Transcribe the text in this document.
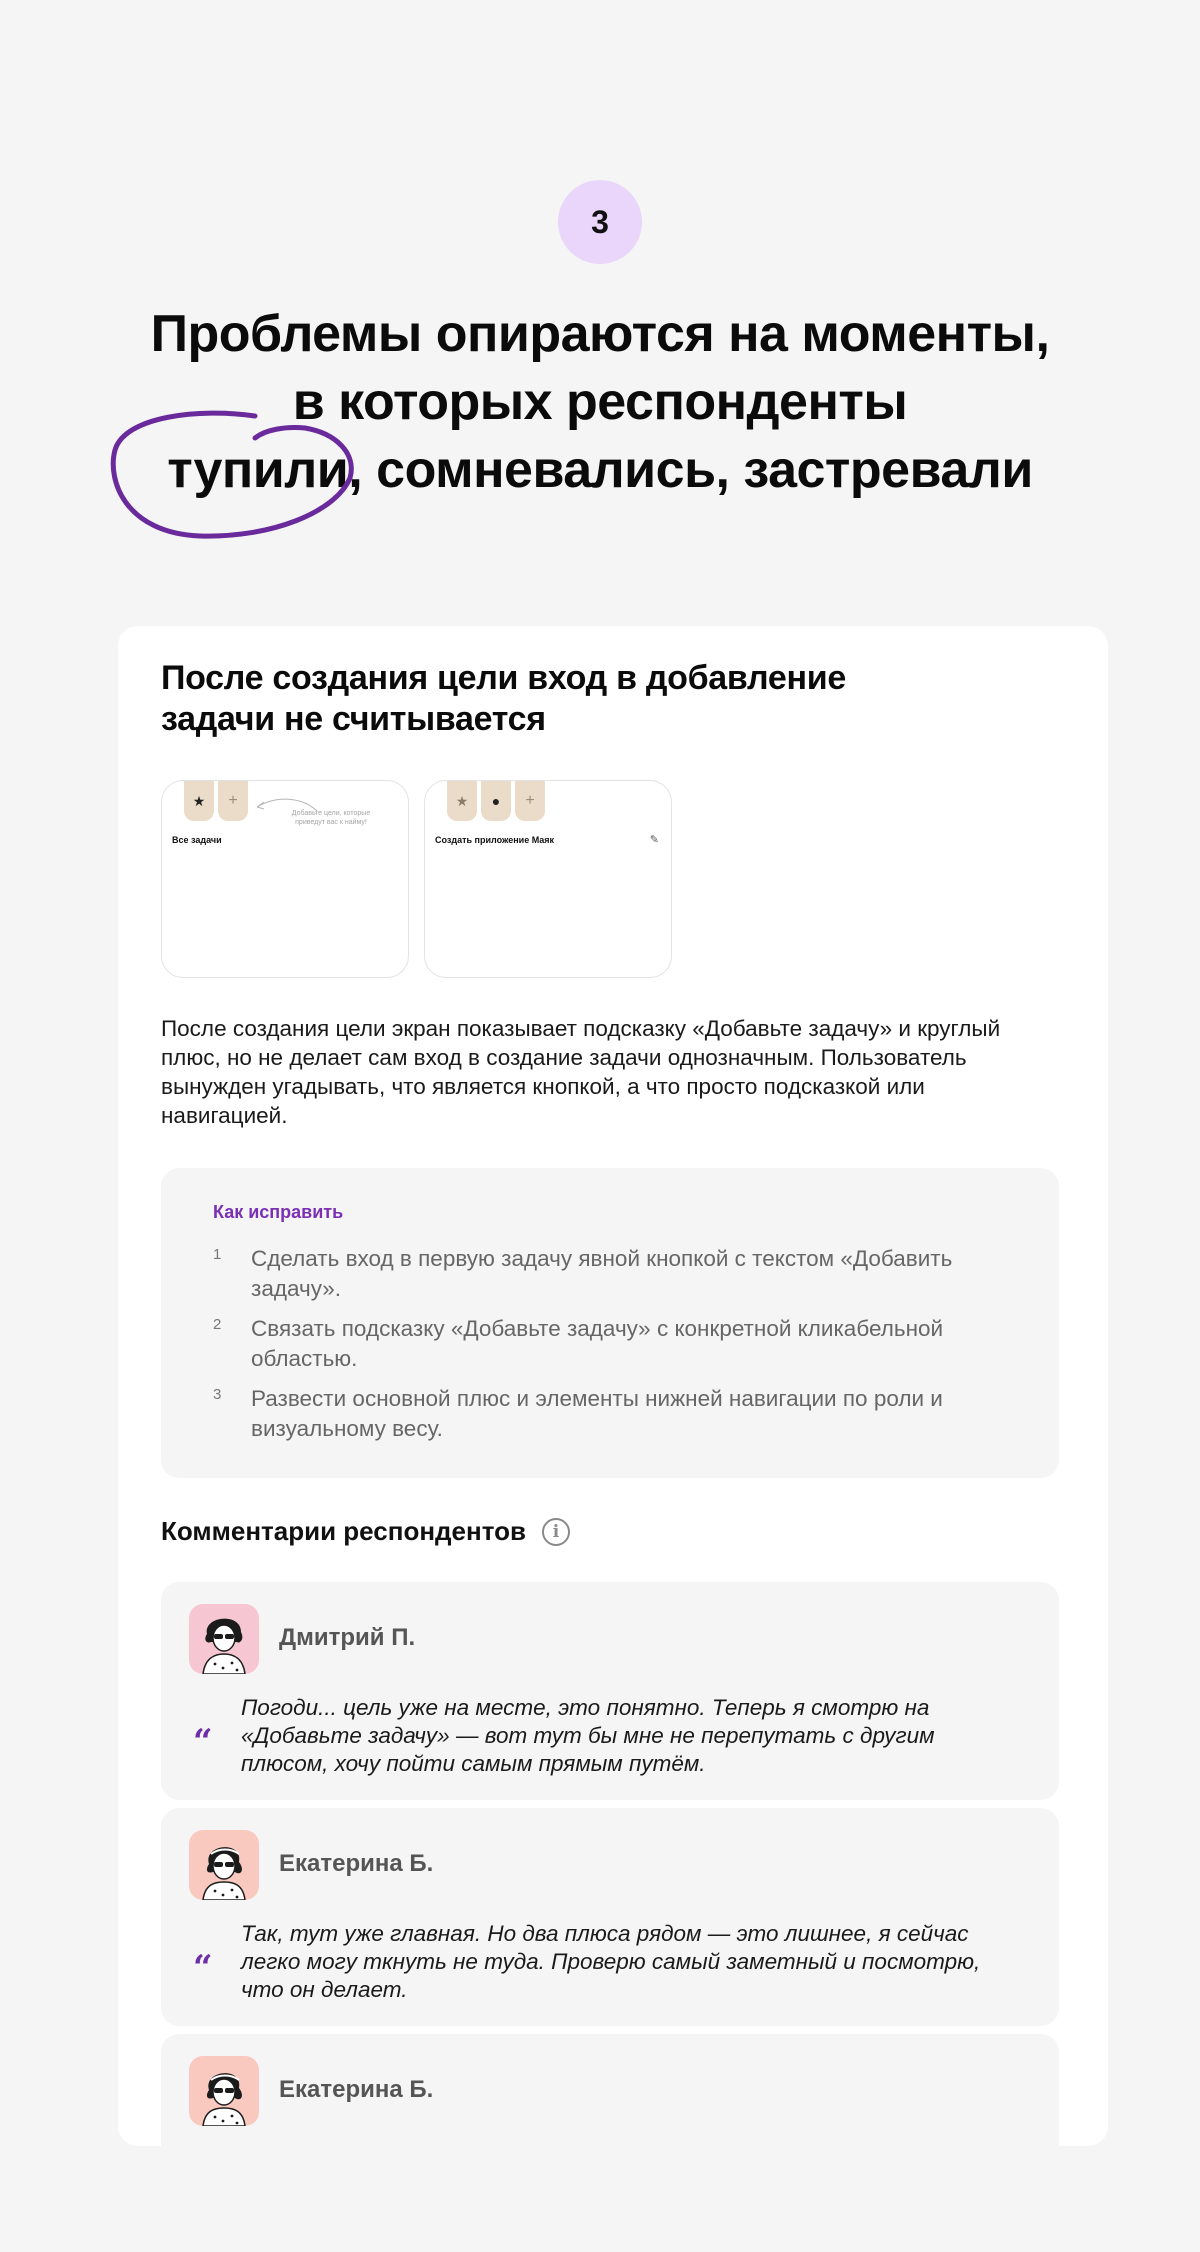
3
Проблемы опираются на моменты,
в которых респонденты
тупили, сомневались, застревали
После создания цели вход в добавление задачи не считывается
★	+
Добавьте цели, которые приведут вас к найму!
Все задачи
★	●	+
Создать приложение Маяк	✎
После создания цели экран показывает подсказку «Добавьте задачу» и круглый плюс, но не делает сам вход в создание задачи однозначным. Пользователь вынужден угадывать, что является кнопкой, а что просто подсказкой или навигацией.
Как исправить
1 Сделать вход в первую задачу явной кнопкой с текстом «Добавить задачу».
2 Связать подсказку «Добавьте задачу» с конкретной кликабельной областью.
3 Развести основной плюс и элементы нижней навигации по роли и визуальному весу.
Комментарии респондентов	i
Дмитрий П.
“
Погоди... цель уже на месте, это понятно. Теперь я смотрю на «Добавьте задачу» — вот тут бы мне не перепутать с другим плюсом, хочу пойти самым прямым путём.
Екатерина Б.
“
Так, тут уже главная. Но два плюса рядом — это лишнее, я сейчас легко могу ткнуть не туда. Проверю самый заметный и посмотрю, что он делает.
Екатерина Б.
